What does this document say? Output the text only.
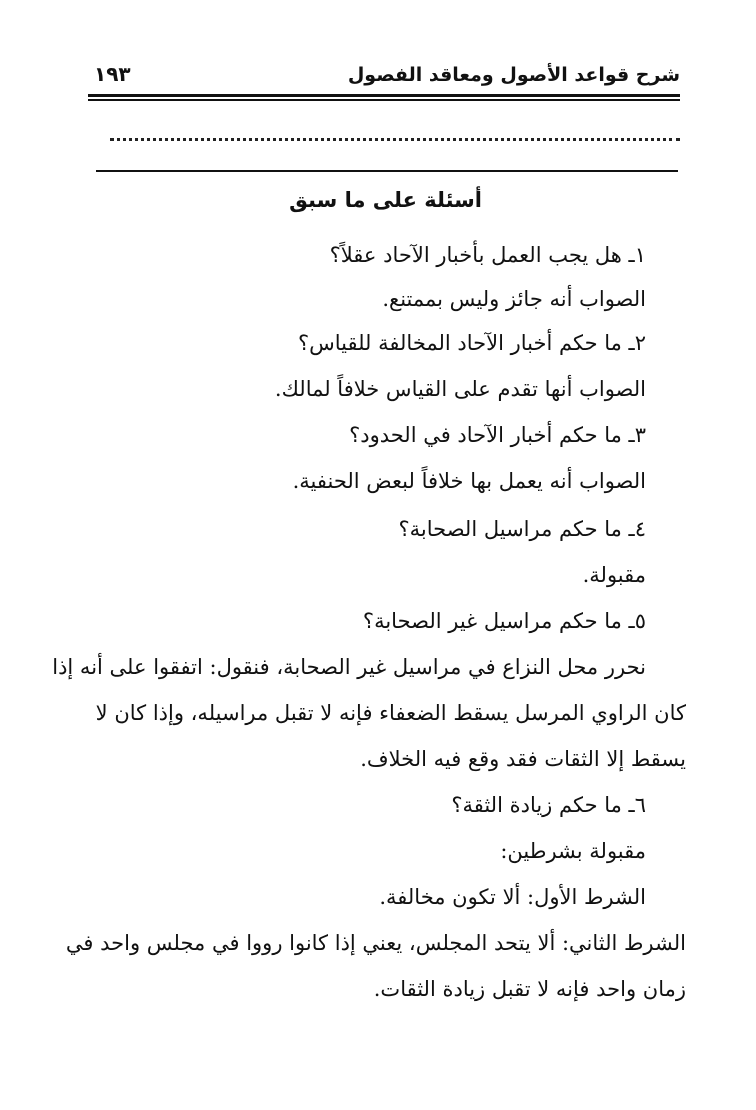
شرح قواعد الأصول ومعاقد الفصول
١٩٣
أسئلة على ما سبق
١ـ هل يجب العمل بأخبار الآحاد عقلاً؟
الصواب أنه جائز وليس بممتنع.
٢ـ ما حكم أخبار الآحاد المخالفة للقياس؟
الصواب أنها تقدم على القياس خلافاً لمالك.
٣ـ ما حكم أخبار الآحاد في الحدود؟
الصواب أنه يعمل بها خلافاً لبعض الحنفية.
٤ـ ما حكم مراسيل الصحابة؟
مقبولة.
٥ـ ما حكم مراسيل غير الصحابة؟
نحرر محل النزاع في مراسيل غير الصحابة، فنقول: اتفقوا على أنه إذا
كان الراوي المرسل يسقط الضعفاء فإنه لا تقبل مراسيله، وإذا كان لا
يسقط إلا الثقات فقد وقع فيه الخلاف.
٦ـ ما حكم زيادة الثقة؟
مقبولة بشرطين:
الشرط الأول: ألا تكون مخالفة.
الشرط الثاني: ألا يتحد المجلس، يعني إذا كانوا رووا في مجلس واحد في
زمان واحد فإنه لا تقبل زيادة الثقات.
